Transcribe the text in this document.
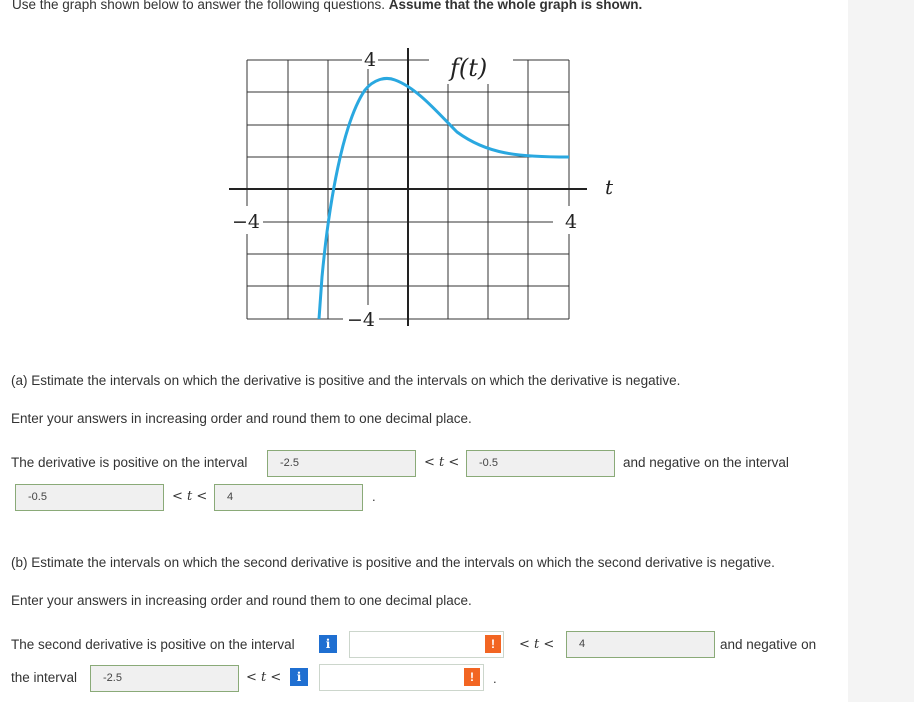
Use the graph shown below to answer the following questions. Assume that the whole graph is shown.
4	f(t)
t
−4	4
−4
(a) Estimate the intervals on which the derivative is positive and the intervals on which the derivative is negative.
Enter your answers in increasing order and round them to one decimal place.
The derivative is positive on the interval	-2.5	< t <	-0.5	and negative on the interval
-0.5	< t <	4	.
(b) Estimate the intervals on which the second derivative is positive and the intervals on which the second derivative is negative.
Enter your answers in increasing order and round them to one decimal place.
The second derivative is positive on the interval	i	!	< t <	4	and negative on
the interval	-2.5	< t <	i	!	.
